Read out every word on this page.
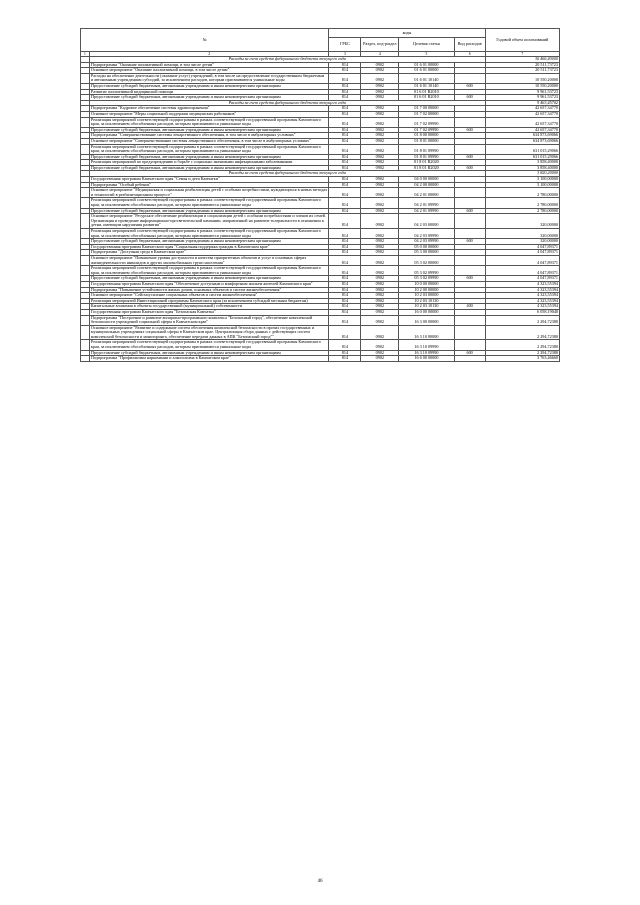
№		коды				Годовой объем ассигнований
		ГРБС	Раздел, под-раздел	Целевая статья	Вид расходов	
1	2	3	4	5	6	7
	Расходы за счет средств федерального бюджета текущего года					36 466,40000
	Подпрограмма "Оказание паллиативной помощи, в том числе детям"	814	0902	01 6 01 00000		20 511,73723
	Основное мероприятие "Оказание паллиативной помощи, в том числе детям"	814	0902	01 6 01 00000		20 511,73723
	Расходы на обеспечение деятельности (оказание услуг) учреждений, в том числе на предоставление государственным бюджетным и автономным учреждениям субсидий, за исключением расходов, которым присваиваются уникальные коды	814	0902	01 6 01 10140		10 550,20000
	Предоставление субсидий бюджетным, автономным учреждениям и иным некоммерческим организациям	814	0902	01 6 01 10140	600	10 550,20000
	Развитие паллиативной медицинской помощи	814	0902	01 6 01 R2010		9 961,53723
	Предоставление субсидий бюджетным, автономным учреждениям и иным некоммерческим организациям	814	0902	01 6 01 R2010	600	9 961,53723
	Расходы за счет средств федерального бюджета текущего года					9 463,45702
	Подпрограмма "Кадровое обеспечение системы здравоохранения"	814	0902	01 7 00 00000		42 657,34770
	Основное мероприятие "Меры социальной поддержки медицинских работников"	814	0902	01 7 02 00000		42 657,34770
	Реализация мероприятий соответствующей подпрограммы в рамках соответствующей государственной программы Камчатского края, за исключением обособленных расходов, которым присваиваются уникальные коды	814	0902	01 7 02 09990		42 657,34770
	Предоставление субсидий бюджетным, автономным учреждениям и иным некоммерческим организациям	814	0902	01 7 02 09990	600	42 657,34770
	Подпрограмма "Совершенствование системы лекарственного обеспечения, в том числе в амбулаторных условиях"	814	0902	01 8 00 00000		634 873,69066
	Основное мероприятие "Совершенствование системы лекарственного обеспечения, в том числе в амбулаторных условиях"	814	0902	01 8 01 00000		634 873,69066
	Реализация мероприятий соответствующей подпрограммы в рамках соответствующей государственной программы Камчатского края, за исключением обособленных расходов, которым присваиваются уникальные коды	814	0902	01 8 01 09990		631 015,29066
	Предоставление субсидий бюджетным, автономным учреждениям и иным некоммерческим организациям	814	0902	01 8 01 09990	600	631 015,29066
	Реализация мероприятий по предупреждению и борьбе с социально значимыми инфекционными заболеваниями	814	0902	01 8 01 R2020		3 858,40000
	Предоставление субсидий бюджетным, автономным учреждениям и иным некоммерческим организациям	814	0902	01 8 01 R2020	600	3 858,40000
	Расходы за счет средств федерального бюджета текущего года					3 820,20000
	Государственная программа Камчатского края "Семья и дети Камчатки"	814	0902	04 0 00 00000		3 100,00000
	Подпрограмма "Особый ребенок"	814	0902	04 2 00 00000		3 100,00000
	Основное мероприятие "Медицинская и социальная реабилитация детей с особыми потребностями, нуждающихся в новых методах и технологий в реабилитационном процессе"	814	0902	04 2 01 00000		2 780,00000
	Реализация мероприятий соответствующей подпрограммы в рамках соответствующей государственной программы Камчатского края, за исключением обособленных расходов, которым присваиваются уникальные коды	814	0902	04 2 01 09990		2 780,00000
	Предоставление субсидий бюджетным, автономным учреждениям и иным некоммерческим организациям	814	0902	04 2 01 09990	600	2 780,00000
	Основное мероприятие "Ресурсное обеспечение реабилитации и социализации детей с особыми потребностями и членов их семей. Организация и проведение информационно-просветительской кампании, направленной на развитие толерантности в отношении к детям, имеющим нарушения развития"	814	0902	04 2 03 00000		320,00000
	Реализация мероприятий соответствующей подпрограммы в рамках соответствующей государственной программы Камчатского края, за исключением обособленных расходов, которым присваиваются уникальные коды	814	0902	04 2 03 09990		320,00000
	Предоставление субсидий бюджетным, автономным учреждениям и иным некоммерческим организациям	814	0902	04 2 03 09990	600	320,00000
	Государственная программа Камчатского края "Социальная поддержка граждан в Камчатском крае"	814	0902	05 0 00 00000		4 047,89371
	Подпрограмма "Доступная среда в Камчатском крае"	814	0902	05 3 00 00000		4 047,89371
	Основное мероприятие "Повышение уровня доступности и качества приоритетных объектов и услуг в основных сферах жизнедеятельности инвалидов и других маломобильных групп населения"	814	0902	05 3 02 00000		4 047,89371
	Реализация мероприятий соответствующей подпрограммы в рамках соответствующей государственной программы Камчатского края, за исключением обособленных расходов, которым присваиваются уникальные коды	814	0902	05 3 02 09990		4 047,89371
	Предоставление субсидий бюджетным, автономным учреждениям и иным некоммерческим организациям	814	0902	05 3 02 09990	600	4 047,89371
	Государственная программа Камчатского края "Обеспечение доступным и комфортным жильем жителей Камчатского края"	814	0902	10 0 00 00000		4 323,55394
	Подпрограмма "Повышение устойчивости жилых домов, основных объектов и систем жизнеобеспечения"	814	0902	10 2 00 00000		4 323,55394
	Основное мероприятие "Сейсмоусиление социальных объектов и систем жизнеобеспечения"	814	0902	10 2 03 00000		4 323,55394
	Реализация мероприятий Инвестиционной программы Камчатского края (за исключением субсидий местным бюджетам)	814	0902	10 2 03 10130		4 323,55394
	Капитальные вложения в объекты государственной (муниципальной) собственности	814	0902	10 2 03 10130	400	4 323,55394
	Государственная программа Камчатского края "Безопасная Камчатка"	814	0902	16 0 00 00000		6 058,19040
	Подпрограмма "Построение и развитие аппаратно-программного комплекса "Безопасный город", обеспечение комплексной безопасности учреждений социальной сферы в Камчатском крае"	814	0902	16 3 00 00000		2 294,72380
	Основное мероприятие "Развитие и содержание систем обеспечения комплексной безопасности в прочих государственных и муниципальных учреждениях социальной сферы в Камчатском крае. Централизация сбора данных с действующих систем комплексной безопасности и мониторинга, обеспечение передачи данных в АПК "Безопасный город""	814	0902	16 3 10 00000		2 294,72380
	Реализация мероприятий соответствующей подпрограммы в рамках соответствующей государственной программы Камчатского края, за исключением обособленных расходов, которым присваиваются уникальные коды	814	0902	16 3 10 09990		2 294,72380
	Предоставление субсидий бюджетным, автономным учреждениям и иным некоммерческим организациям	814	0902	16 3 10 09990	600	2 294,72380
	Подпрограмма "Профилактика наркомании и алкоголизма в Камчатском крае"	814	0902	16 6 00 00000		3 763,46660
46
